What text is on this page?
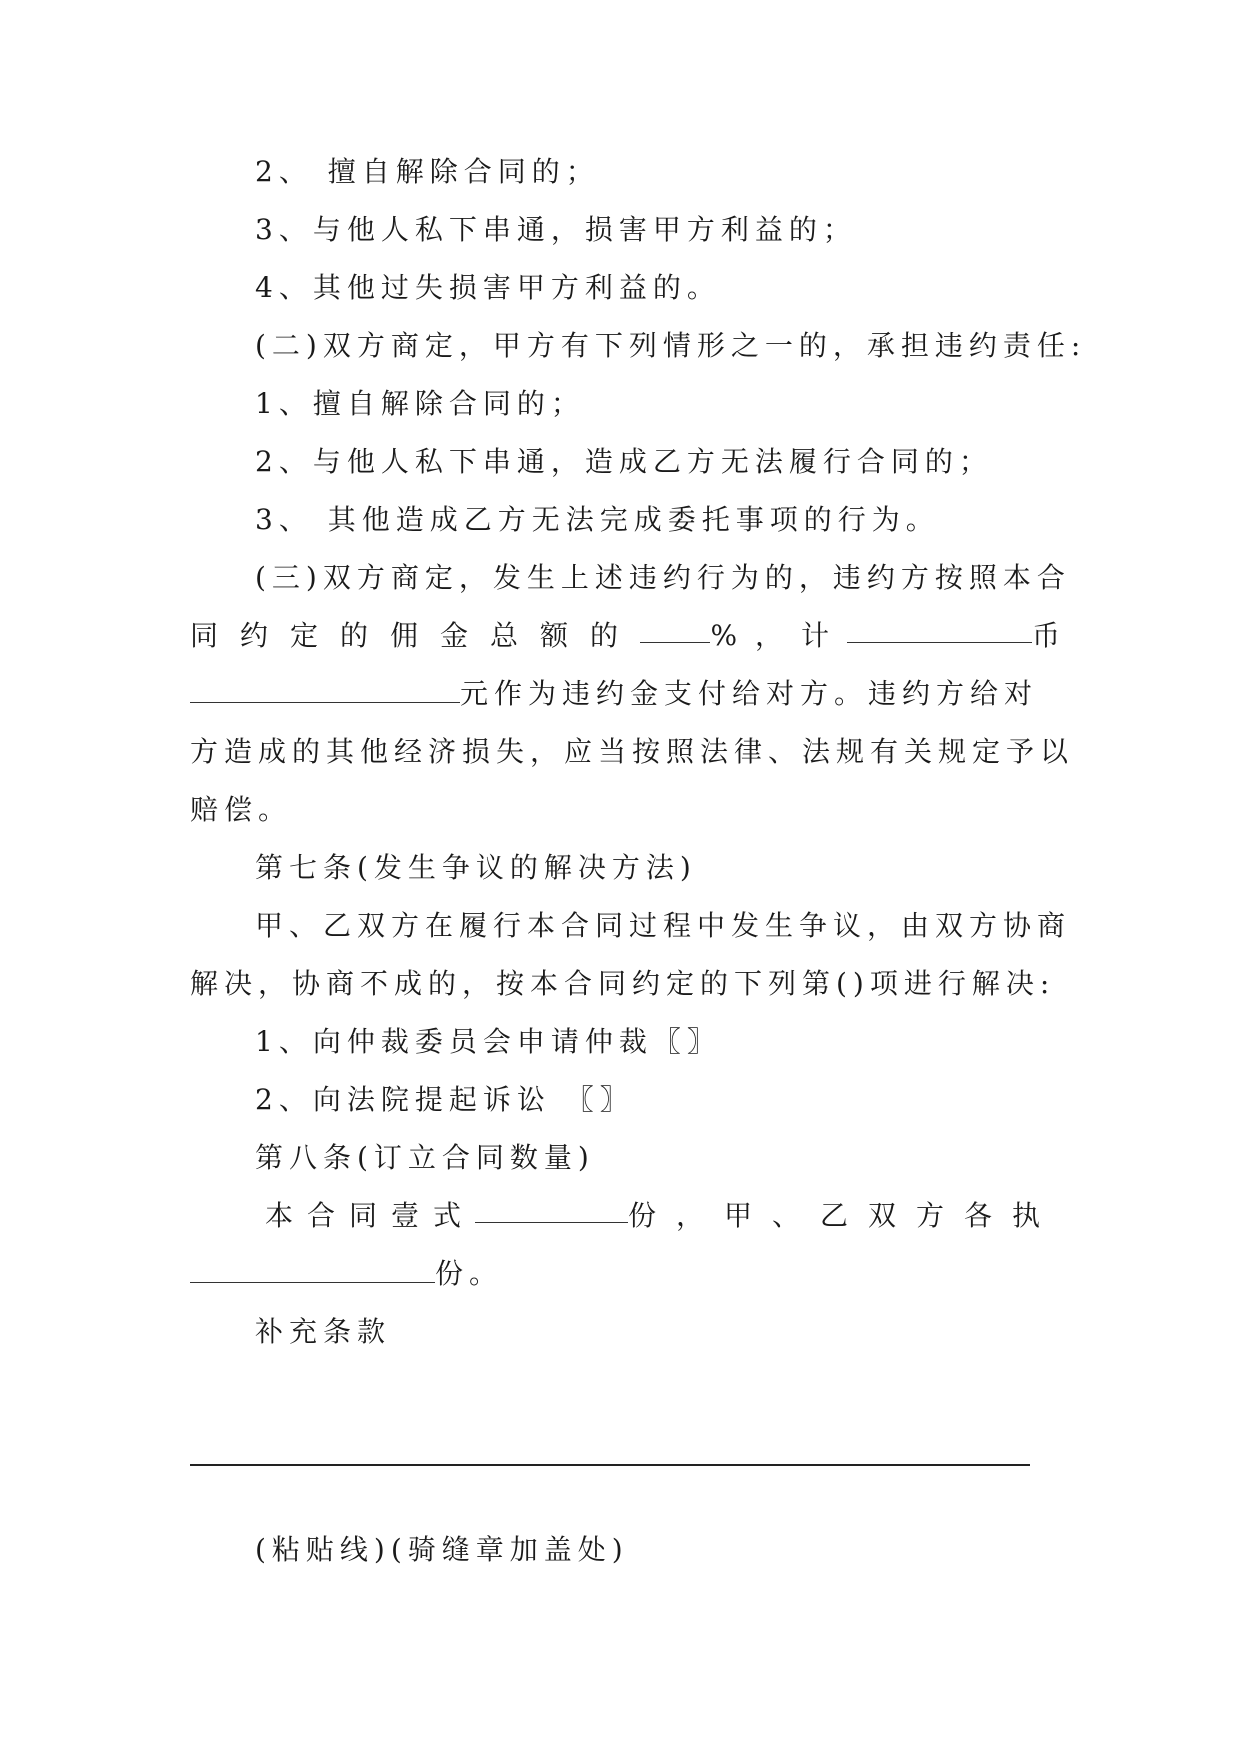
2、 擅自解除合同的；
3、与他人私下串通，损害甲方利益的；
4、其他过失损害甲方利益的。
(二)双方商定，甲方有下列情形之一的，承担违约责任:
1、擅自解除合同的；
2、与他人私下串通，造成乙方无法履行合同的；
3、 其他造成乙方无法完成委托事项的行为。
(三)双方商定，发生上述违约行为的，违约方按照本合
同约定的佣金总额的	%，计	币
元作为违约金支付给对方。违约方给对
方造成的其他经济损失，应当按照法律、法规有关规定予以
赔偿。
第七条(发生争议的解决方法)
甲、乙双方在履行本合同过程中发生争议，由双方协商
解决，协商不成的，按本合同约定的下列第()项进行解决:
1、向仲裁委员会申请仲裁〖〗
2、向法院提起诉讼 〖〗
第八条(订立合同数量)
本合同壹式	份，甲、乙双方各执
份。
补充条款
(粘贴线)(骑缝章加盖处)
